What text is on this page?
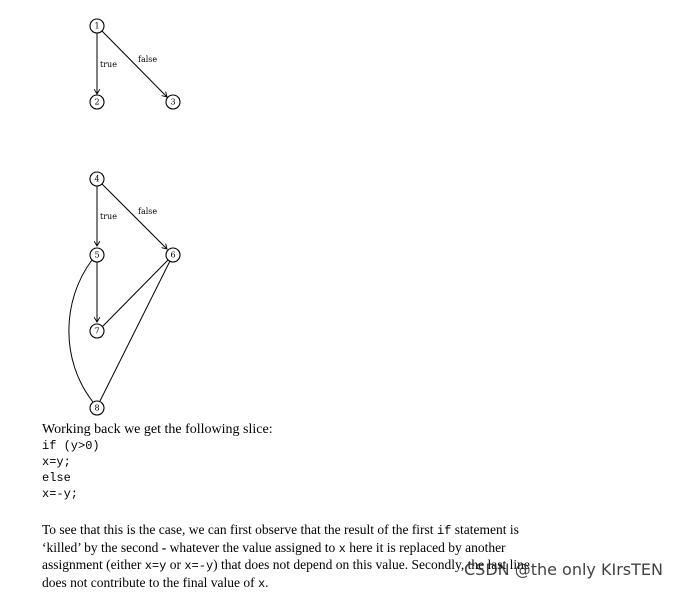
true
false
1
2	3
true
false
4
5	6
7
8
Working back we get the following slice:
if (y>0)
x=y;
else
x=-y;
To see that this is the case, we can first observe that the result of the first if statement is ‘killed’ by the second - whatever the value assigned to x here it is replaced by another assignment (either x=y or x=-y) that does not depend on this value. Secondly, the last line does not contribute to the final value of x.
CSDN @the only KIrsTEN
